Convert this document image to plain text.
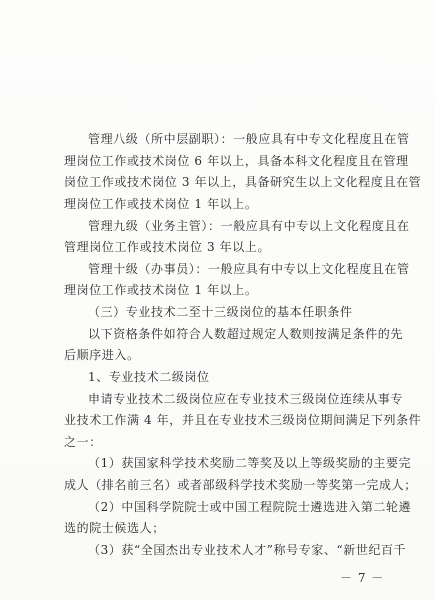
管理八级（所中层副职）：一般应具有中专文化程度且在管
理岗位工作或技术岗位 6 年以上，具备本科文化程度且在管理
岗位工作或技术岗位 3 年以上，具备研究生以上文化程度且在管
理岗位工作或技术岗位 1 年以上。
管理九级（业务主管）：一般应具有中专以上文化程度且在
管理岗位工作或技术岗位 3 年以上。
管理十级（办事员）：一般应具有中专以上文化程度且在管
理岗位工作或技术岗位 1 年以上。
（三）专业技术二至十三级岗位的基本任职条件
以下资格条件如符合人数超过规定人数则按满足条件的先
后顺序进入。
1、专业技术二级岗位
申请专业技术二级岗位应在专业技术三级岗位连续从事专
业技术工作满 4 年，并且在专业技术三级岗位期间满足下列条件
之一：
（1）获国家科学技术奖励二等奖及以上等级奖励的主要完
成人（排名前三名）或者部级科学技术奖励一等奖第一完成人；
（2）中国科学院院士或中国工程院院士遴选进入第二轮遴
选的院士候选人；
（3）获“全国杰出专业技术人才”称号专家、“新世纪百千
－ 7 －
